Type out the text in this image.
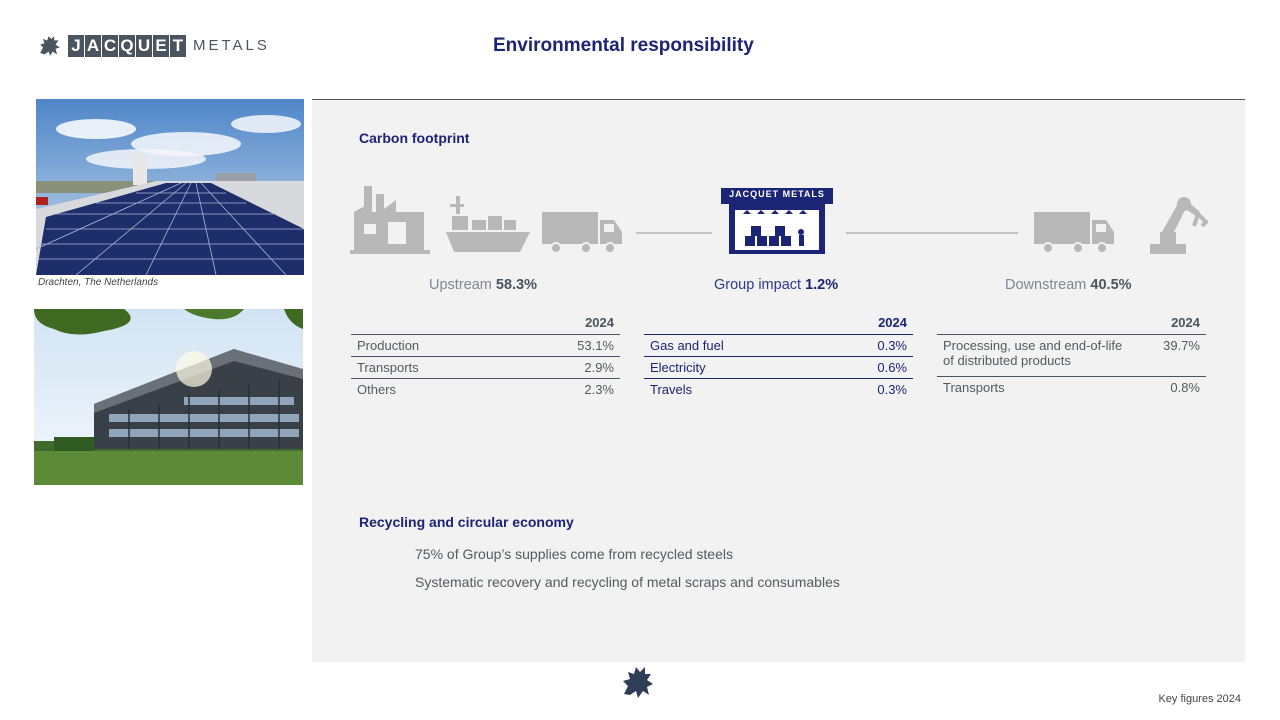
J A C Q U E T METALS	Environmental responsibility
Drachten, The Netherlands
Carbon footprint
JACQUET METALS
Upstream 58.3%	Group impact 1.2%	Downstream 40.5%
2024	
Production	53.1%
Transports	2.9%
Others	2.3%
2024	
Gas and fuel	0.3%
Electricity	0.6%
Travels	0.3%
2024	
Processing, use and end-of-life
of distributed products	39.7%
Transports	0.8%
Recycling and circular economy
75% of Group’s supplies come from recycled steels
Systematic recovery and recycling of metal scraps and consumables
Key figures 2024
